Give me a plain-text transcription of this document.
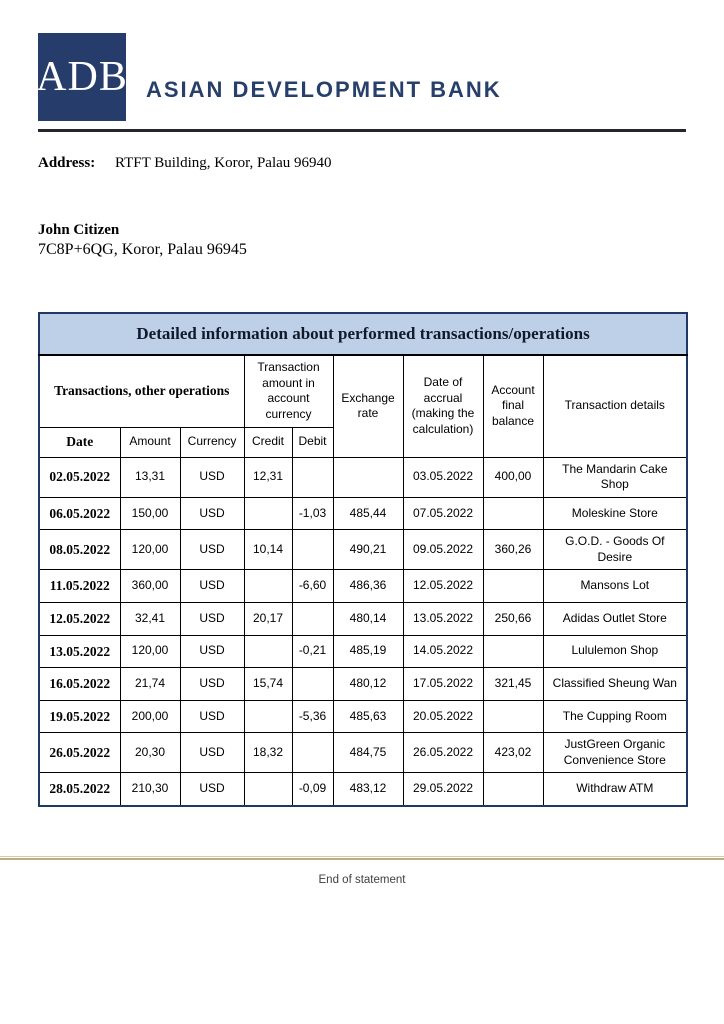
ADB ASIAN DEVELOPMENT BANK
Address: RTFT Building, Koror, Palau 96940
John Citizen
7C8P+6QG, Koror, Palau 96945
Detailed information about performed transactions/operations								
Transactions, other operations			Transaction amount in account currency		Exchange rate	Date of accrual (making the calculation)	Account final balance	Transaction details
Date	Amount	Currency	Credit	Debit				
02.05.2022	13,31	USD	12,31			03.05.2022	400,00	The Mandarin Cake Shop
06.05.2022	150,00	USD		-1,03	485,44	07.05.2022		Moleskine Store
08.05.2022	120,00	USD	10,14		490,21	09.05.2022	360,26	G.O.D. - Goods Of Desire
11.05.2022	360,00	USD		-6,60	486,36	12.05.2022		Mansons Lot
12.05.2022	32,41	USD	20,17		480,14	13.05.2022	250,66	Adidas Outlet Store
13.05.2022	120,00	USD		-0,21	485,19	14.05.2022		Lululemon Shop
16.05.2022	21,74	USD	15,74		480,12	17.05.2022	321,45	Classified Sheung Wan
19.05.2022	200,00	USD		-5,36	485,63	20.05.2022		The Cupping Room
26.05.2022	20,30	USD	18,32		484,75	26.05.2022	423,02	JustGreen Organic Convenience Store
28.05.2022	210,30	USD		-0,09	483,12	29.05.2022		Withdraw ATM
End of statement
